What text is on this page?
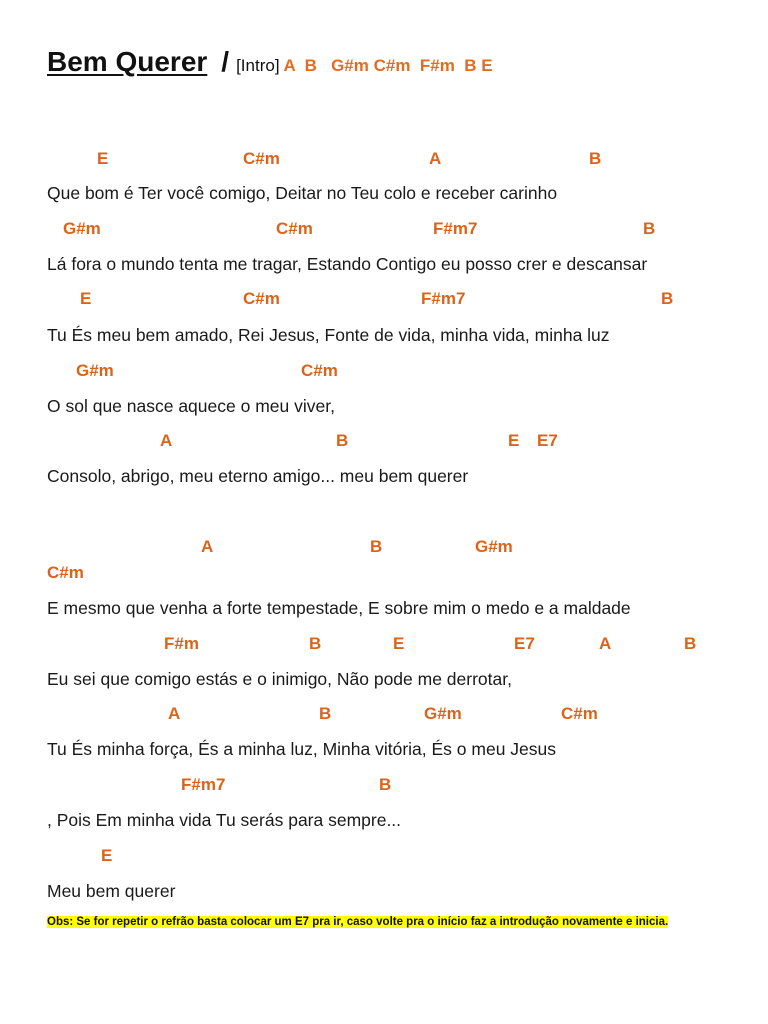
Bem Querer / [Intro] A  B   G#m C#m  F#m  B E
E	C#m	A	B
Que bom é Ter você comigo, Deitar no Teu colo e receber carinho
G#m	C#m	F#m7	B
Lá fora o mundo tenta me tragar, Estando Contigo eu posso crer e descansar
E	C#m	F#m7	B
Tu És meu bem amado, Rei Jesus, Fonte de vida, minha vida, minha luz
G#m	C#m
O sol que nasce aquece o meu viver,
A	B	E E7
Consolo, abrigo, meu eterno amigo... meu bem querer
A	B	G#m
C#m
E mesmo que venha a forte tempestade, E sobre mim o medo e a maldade
F#m	B	E	E7	A	B
Eu sei que comigo estás e o inimigo, Não pode me derrotar,
A	B	G#m	C#m
Tu És minha força, És a minha luz, Minha vitória, És o meu Jesus
F#m7	B
, Pois Em minha vida Tu serás para sempre...
E
Meu bem querer
Obs: Se for repetir o refrão basta colocar um E7 pra ir, caso volte pra o início faz a introdução novamente e inicia.
